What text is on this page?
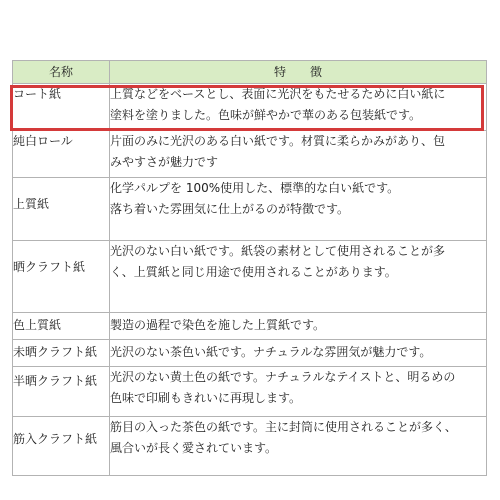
名称	特　　徴
コート紙	上質などをベースとし、表面に光沢をもたせるために白い紙に
塗料を塗りました。色味が鮮やかで華のある包装紙です。

純白ロール	片面のみに光沢のある白い紙です。材質に柔らかみがあり、包
みやすさが魅力です

上質紙	化学パルプを 100%使用した、標準的な白い紙です。
落ち着いた雰囲気に仕上がるのが特徴です。

晒クラフト紙	光沢のない白い紙です。紙袋の素材として使用されることが多
く、上質紙と同じ用途で使用されることがあります。

色上質紙	製造の過程で染色を施した上質紙です。

未晒クラフト紙	光沢のない茶色い紙です。ナチュラルな雰囲気が魅力です。

半晒クラフト紙	光沢のない黄土色の紙です。ナチュラルなテイストと、明るめの
色味で印刷もきれいに再現します。

筋入クラフト紙	筋目の入った茶色の紙です。主に封筒に使用されることが多く、
風合いが長く愛されています。
